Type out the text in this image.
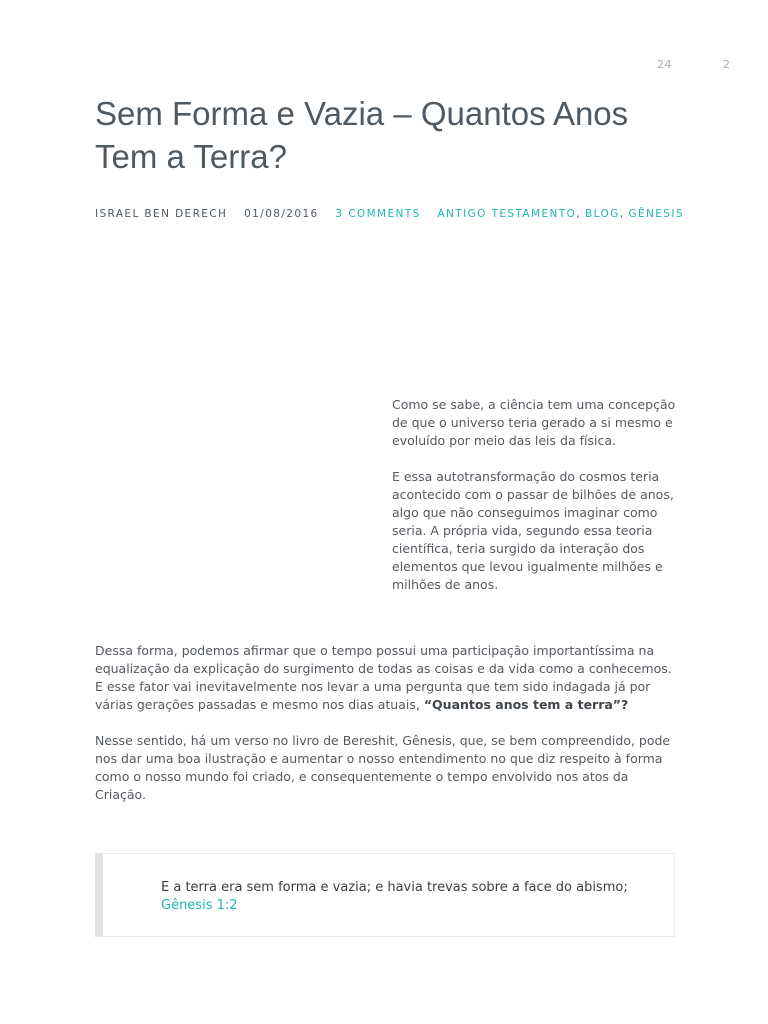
24	2
Sem Forma e Vazia – Quantos Anos Tem a Terra?
ISRAEL BEN DERECH 01/08/2016 3 COMMENTS ANTIGO TESTAMENTO, BLOG, GÊNESIS

Como se sabe, a ciência tem uma concepção de que o universo teria gerado a si mesmo e evoluído por meio das leis da física.

E essa autotransformação do cosmos teria acontecido com o passar de bilhões de anos, algo que não conseguimos imaginar como seria. A própria vida, segundo essa teoria científica, teria surgido da interação dos elementos que levou igualmente milhões e milhões de anos.

Dessa forma, podemos afirmar que o tempo possui uma participação importantíssima na equalização da explicação do surgimento de todas as coisas e da vida como a conhecemos. E esse fator vai inevitavelmente nos levar a uma pergunta que tem sido indagada já por várias gerações passadas e mesmo nos dias atuais, “Quantos anos tem a terra”?

Nesse sentido, há um verso no livro de Bereshit, Gênesis, que, se bem compreendido, pode nos dar uma boa ilustração e aumentar o nosso entendimento no que diz respeito à forma como o nosso mundo foi criado, e consequentemente o tempo envolvido nos atos da Criação.

E a terra era sem forma e vazia; e havia trevas sobre a face do abismo;
Gênesis 1:2
